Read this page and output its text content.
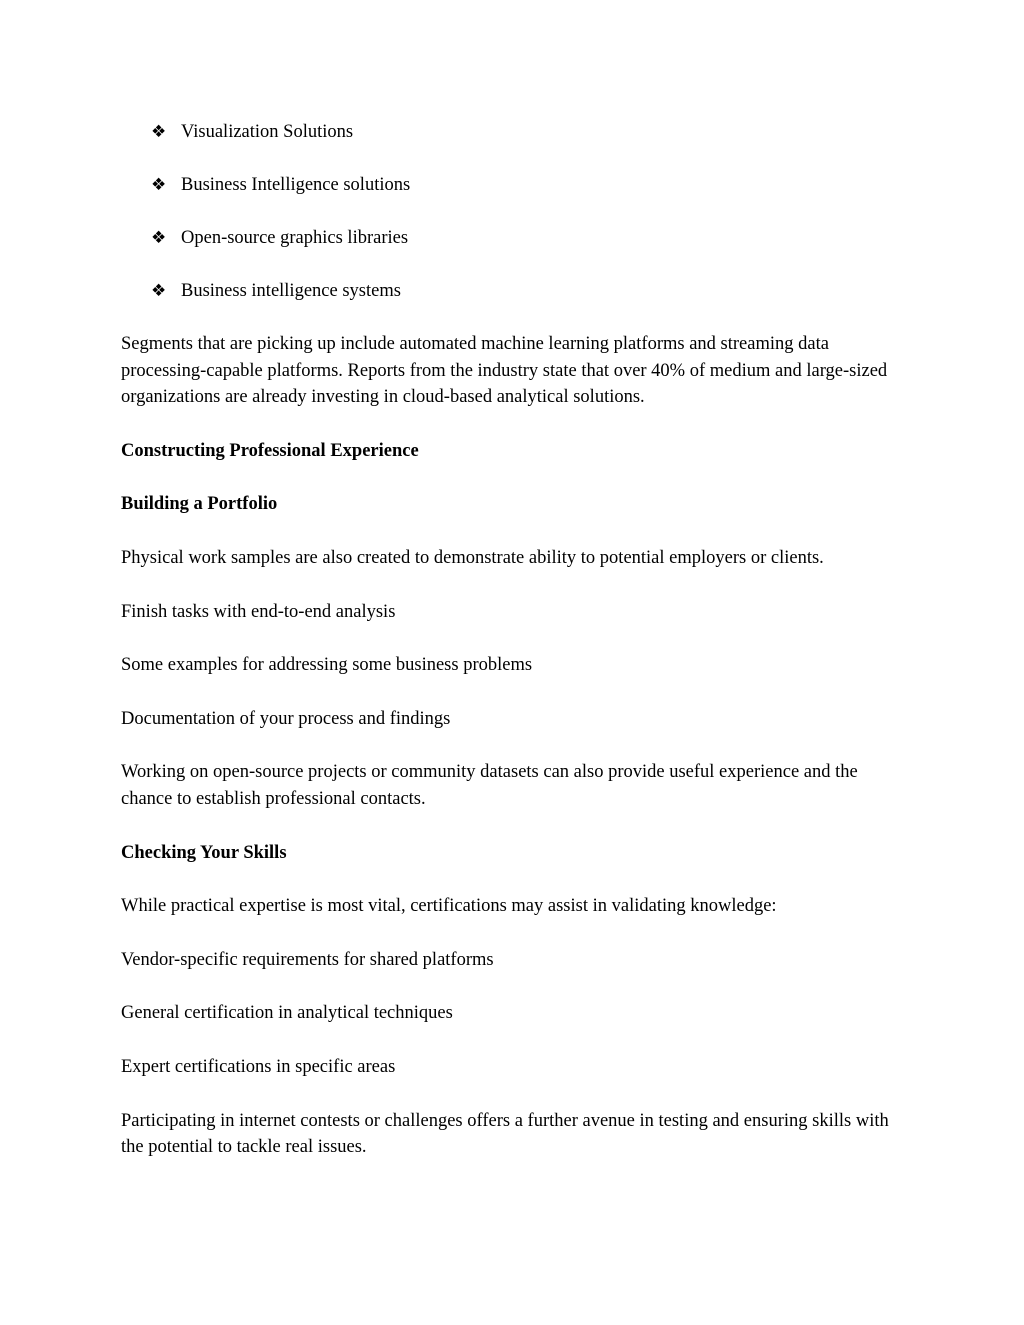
❖ Visualization Solutions
❖ Business Intelligence solutions
❖ Open-source graphics libraries
❖ Business intelligence systems

Segments that are picking up include automated machine learning platforms and streaming data processing-capable platforms. Reports from the industry state that over 40% of medium and large-sized organizations are already investing in cloud-based analytical solutions.

Constructing Professional Experience

Building a Portfolio

Physical work samples are also created to demonstrate ability to potential employers or clients.

Finish tasks with end-to-end analysis

Some examples for addressing some business problems

Documentation of your process and findings

Working on open-source projects or community datasets can also provide useful experience and the chance to establish professional contacts.

Checking Your Skills

While practical expertise is most vital, certifications may assist in validating knowledge:

Vendor-specific requirements for shared platforms

General certification in analytical techniques

Expert certifications in specific areas

Participating in internet contests or challenges offers a further avenue in testing and ensuring skills with the potential to tackle real issues.
